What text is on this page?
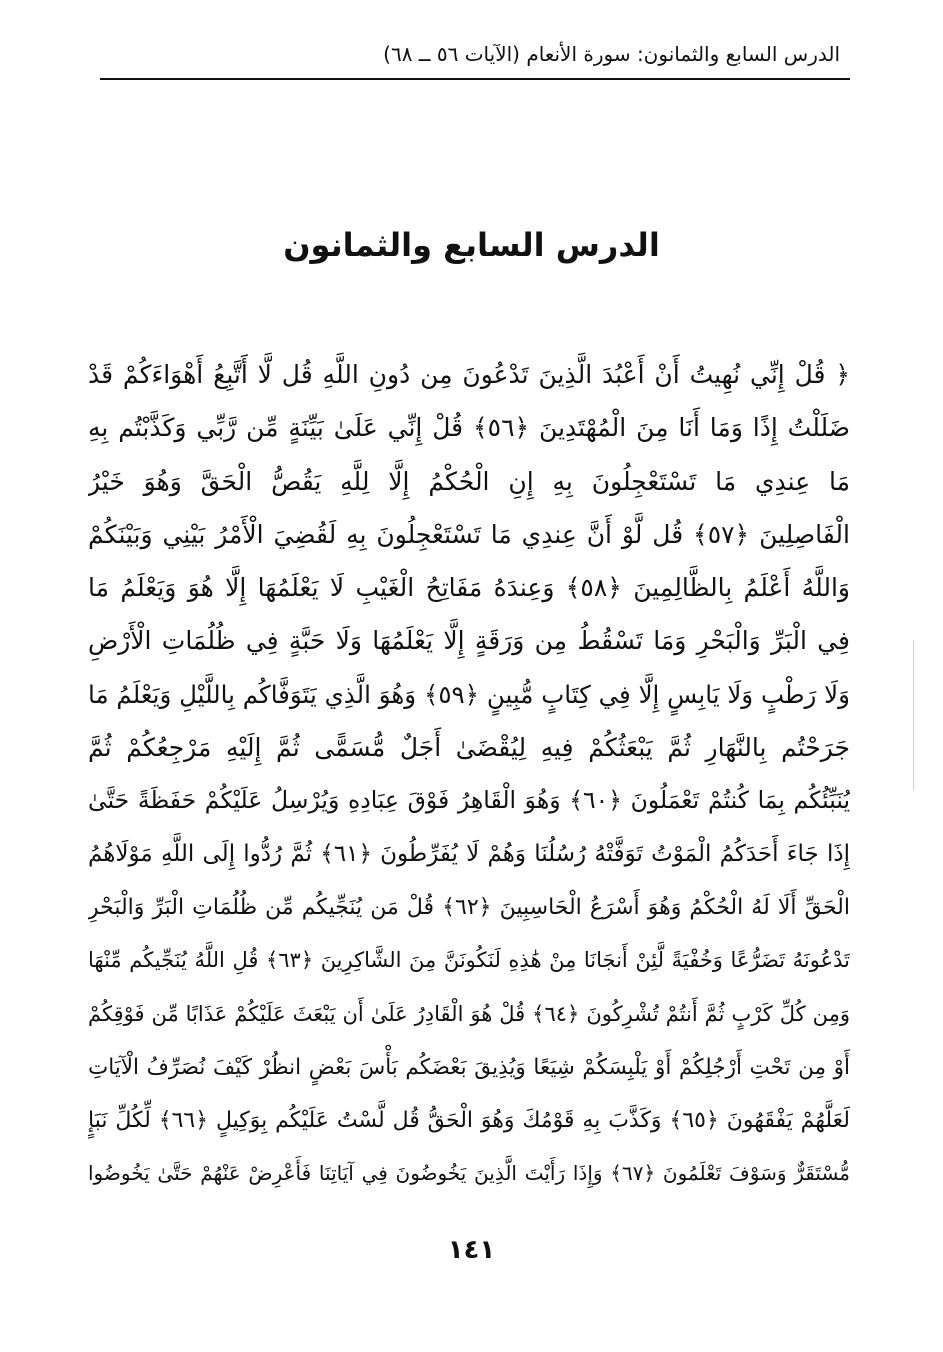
الدرس السابع والثمانون: سورة الأنعام (الآيات ٥٦ ــ ٦٨)
الدرس السابع والثمانون
﴿ قُلْ إِنِّي نُهِيتُ أَنْ أَعْبُدَ الَّذِينَ تَدْعُونَ مِن دُونِ اللَّهِ قُل لَّا أَتَّبِعُ أَهْوَاءَكُمْ قَدْ
ضَلَلْتُ إِذًا وَمَا أَنَا مِنَ الْمُهْتَدِينَ ﴿٥٦﴾ قُلْ إِنِّي عَلَىٰ بَيِّنَةٍ مِّن رَّبِّي وَكَذَّبْتُم بِهِ
مَا عِندِي مَا تَسْتَعْجِلُونَ بِهِ إِنِ الْحُكْمُ إِلَّا لِلَّهِ يَقُصُّ الْحَقَّ وَهُوَ خَيْرُ
الْفَاصِلِينَ ﴿٥٧﴾ قُل لَّوْ أَنَّ عِندِي مَا تَسْتَعْجِلُونَ بِهِ لَقُضِيَ الْأَمْرُ بَيْنِي وَبَيْنَكُمْ
وَاللَّهُ أَعْلَمُ بِالظَّالِمِينَ ﴿٥٨﴾ وَعِندَهُ مَفَاتِحُ الْغَيْبِ لَا يَعْلَمُهَا إِلَّا هُوَ وَيَعْلَمُ مَا
فِي الْبَرِّ وَالْبَحْرِ وَمَا تَسْقُطُ مِن وَرَقَةٍ إِلَّا يَعْلَمُهَا وَلَا حَبَّةٍ فِي ظُلُمَاتِ الْأَرْضِ
وَلَا رَطْبٍ وَلَا يَابِسٍ إِلَّا فِي كِتَابٍ مُّبِينٍ ﴿٥٩﴾ وَهُوَ الَّذِي يَتَوَفَّاكُم بِاللَّيْلِ وَيَعْلَمُ مَا
جَرَحْتُم بِالنَّهَارِ ثُمَّ يَبْعَثُكُمْ فِيهِ لِيُقْضَىٰ أَجَلٌ مُّسَمًّى ثُمَّ إِلَيْهِ مَرْجِعُكُمْ ثُمَّ
يُنَبِّئُكُم بِمَا كُنتُمْ تَعْمَلُونَ ﴿٦٠﴾ وَهُوَ الْقَاهِرُ فَوْقَ عِبَادِهِ وَيُرْسِلُ عَلَيْكُمْ حَفَظَةً حَتَّىٰ
إِذَا جَاءَ أَحَدَكُمُ الْمَوْتُ تَوَفَّتْهُ رُسُلُنَا وَهُمْ لَا يُفَرِّطُونَ ﴿٦١﴾ ثُمَّ رُدُّوا إِلَى اللَّهِ مَوْلَاهُمُ
الْحَقِّ أَلَا لَهُ الْحُكْمُ وَهُوَ أَسْرَعُ الْحَاسِبِينَ ﴿٦٢﴾ قُلْ مَن يُنَجِّيكُم مِّن ظُلُمَاتِ الْبَرِّ وَالْبَحْرِ
تَدْعُونَهُ تَضَرُّعًا وَخُفْيَةً لَّئِنْ أَنجَانَا مِنْ هَٰذِهِ لَنَكُونَنَّ مِنَ الشَّاكِرِينَ ﴿٦٣﴾ قُلِ اللَّهُ يُنَجِّيكُم مِّنْهَا
وَمِن كُلِّ كَرْبٍ ثُمَّ أَنتُمْ تُشْرِكُونَ ﴿٦٤﴾ قُلْ هُوَ الْقَادِرُ عَلَىٰ أَن يَبْعَثَ عَلَيْكُمْ عَذَابًا مِّن فَوْقِكُمْ
أَوْ مِن تَحْتِ أَرْجُلِكُمْ أَوْ يَلْبِسَكُمْ شِيَعًا وَيُذِيقَ بَعْضَكُم بَأْسَ بَعْضٍ انظُرْ كَيْفَ نُصَرِّفُ الْآيَاتِ
لَعَلَّهُمْ يَفْقَهُونَ ﴿٦٥﴾ وَكَذَّبَ بِهِ قَوْمُكَ وَهُوَ الْحَقُّ قُل لَّسْتُ عَلَيْكُم بِوَكِيلٍ ﴿٦٦﴾ لِّكُلِّ نَبَإٍ
مُّسْتَقَرٌّ وَسَوْفَ تَعْلَمُونَ ﴿٦٧﴾ وَإِذَا رَأَيْتَ الَّذِينَ يَخُوضُونَ فِي آيَاتِنَا فَأَعْرِضْ عَنْهُمْ حَتَّىٰ يَخُوضُوا
١٤١
